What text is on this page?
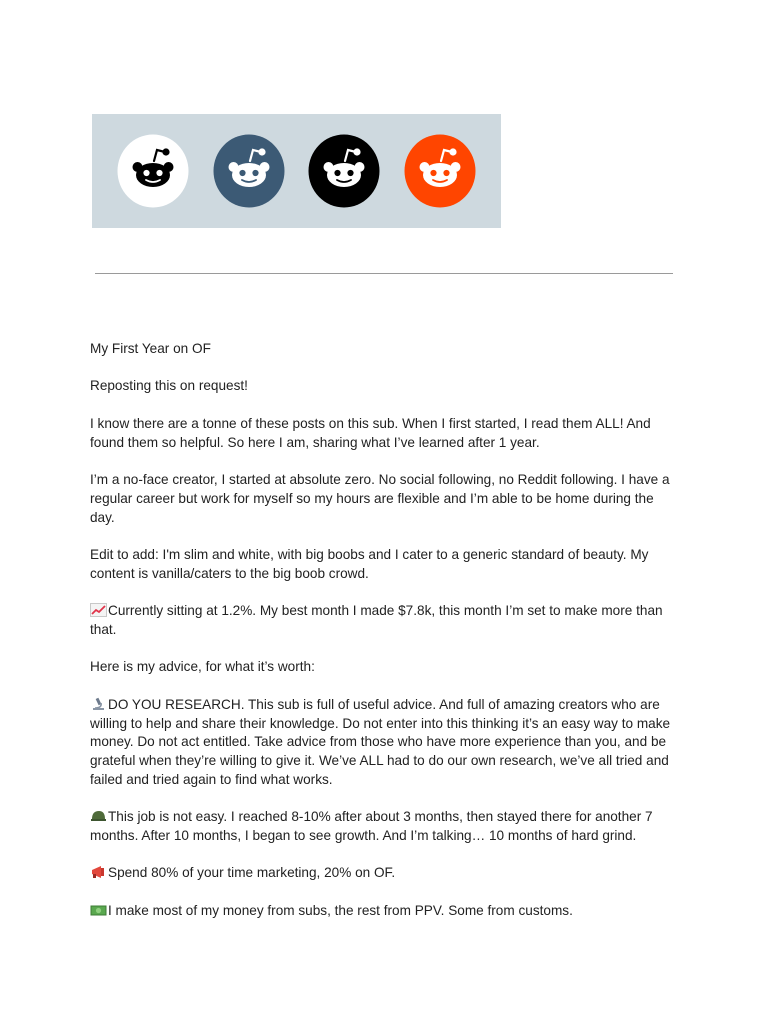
My First Year on OF

Reposting this on request!

I know there are a tonne of these posts on this sub. When I first started, I read them ALL! And found them so helpful. So here I am, sharing what I’ve learned after 1 year.

I’m a no-face creator, I started at absolute zero. No social following, no Reddit following. I have a regular career but work for myself so my hours are flexible and I’m able to be home during the day.

Edit to add: I'm slim and white, with big boobs and I cater to a generic standard of beauty. My content is vanilla/caters to the big boob crowd.

Currently sitting at 1.2%. My best month I made $7.8k, this month I’m set to make more than that.

Here is my advice, for what it’s worth:

DO YOU RESEARCH. This sub is full of useful advice. And full of amazing creators who are willing to help and share their knowledge. Do not enter into this thinking it’s an easy way to make money. Do not act entitled. Take advice from those who have more experience than you, and be grateful when they’re willing to give it. We’ve ALL had to do our own research, we’ve all tried and failed and tried again to find what works.

This job is not easy. I reached 8-10% after about 3 months, then stayed there for another 7 months. After 10 months, I began to see growth. And I’m talking… 10 months of hard grind.

Spend 80% of your time marketing, 20% on OF.

I make most of my money from subs, the rest from PPV. Some from customs.
